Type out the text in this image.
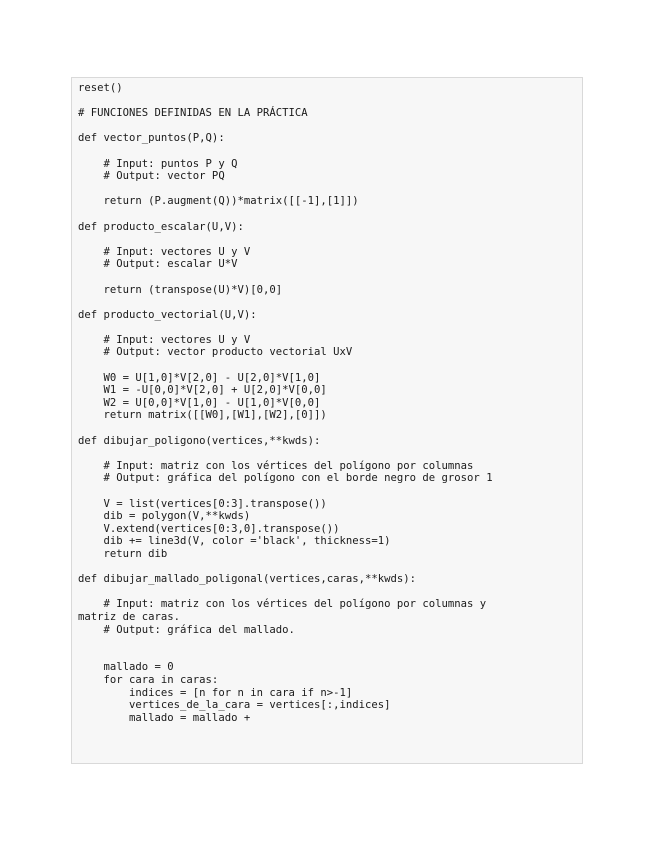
reset()
# FUNCIONES DEFINIDAS EN LA PRÁCTICA
def vector_puntos(P,Q):
# Input: puntos P y Q
# Output: vector PQ
return (P.augment(Q))*matrix([[-1],[1]])
def producto_escalar(U,V):
# Input: vectores U y V
# Output: escalar U*V
return (transpose(U)*V)[0,0]
def producto_vectorial(U,V):
# Input: vectores U y V
# Output: vector producto vectorial UxV
W0 = U[1,0]*V[2,0] - U[2,0]*V[1,0]
W1 = -U[0,0]*V[2,0] + U[2,0]*V[0,0]
W2 = U[0,0]*V[1,0] - U[1,0]*V[0,0]
return matrix([[W0],[W1],[W2],[0]])
def dibujar_poligono(vertices,**kwds):
# Input: matriz con los vértices del polígono por columnas
# Output: gráfica del polígono con el borde negro de grosor 1
V = list(vertices[0:3].transpose())
dib = polygon(V,**kwds)
V.extend(vertices[0:3,0].transpose())
dib += line3d(V, color ='black', thickness=1)
return dib
def dibujar_mallado_poligonal(vertices,caras,**kwds):
# Input: matriz con los vértices del polígono por columnas y
matriz de caras.
# Output: gráfica del mallado.
mallado = 0
for cara in caras:
indices = [n for n in cara if n>-1]
vertices_de_la_cara = vertices[:,indices]
mallado = mallado +
